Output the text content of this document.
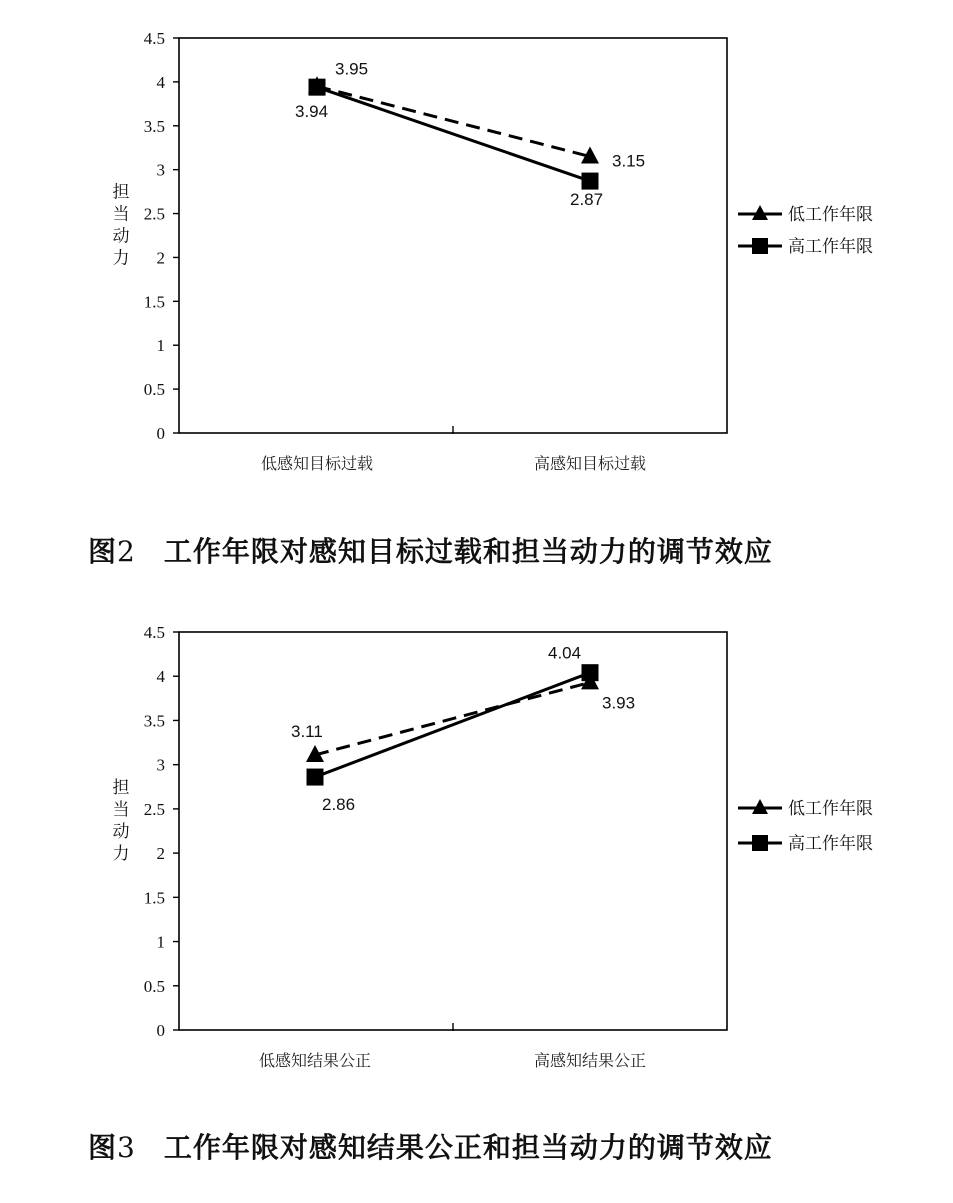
0
0.5
1
1.5
2
2.5
3
3.5
4
4.5
低感知目标过载	高感知目标过载
担当动力
3.95
3.15
3.94
2.87
低工作年限
高工作年限
图2 工作年限对感知目标过载和担当动力的调节效应
0
0.5
1
1.5
2
2.5
3
3.5
4
4.5
低感知结果公正	高感知结果公正
担当动力
3.11
3.93
2.86
4.04
低工作年限
高工作年限
图3 工作年限对感知结果公正和担当动力的调节效应
